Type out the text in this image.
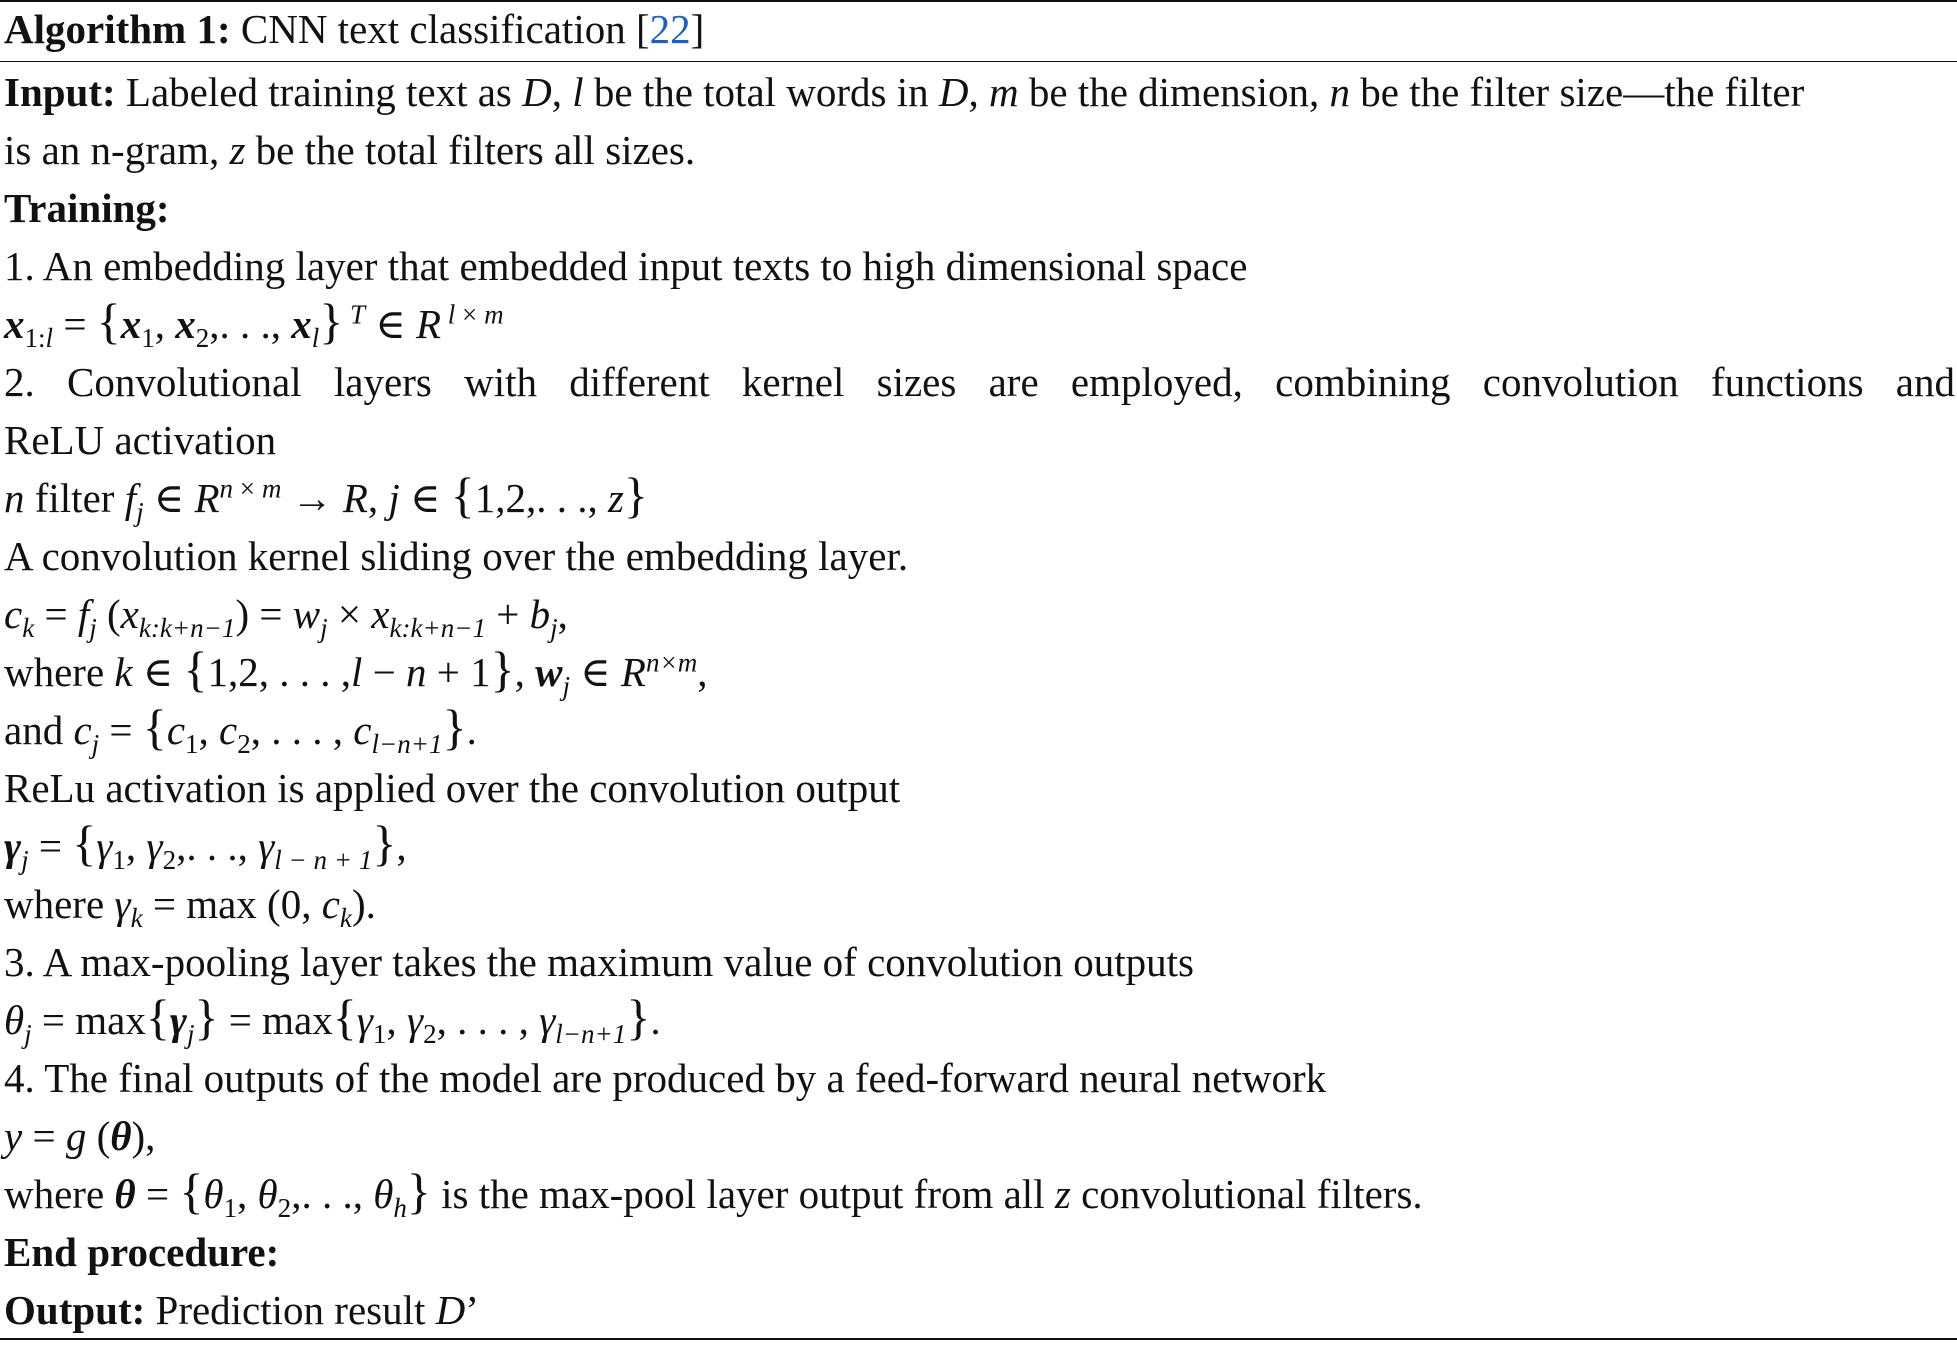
Algorithm 1: CNN text classification [22]
Input: Labeled training text as D, l be the total words in D, m be the dimension, n be the filter size—the filter
is an n-gram, z be the total filters all sizes.
Training:
1. An embedding layer that embedded input texts to high dimensional space
$x_{1:l} = \{x_1$, $x_2$,. . ., $x_l$} $^T$ ∈ R $^{l \times m}$
2. Convolutional layers with different kernel sizes are employed, combining convolution functions and
ReLU activation
n filter $f_j$ ∈ $R^{n \times m} \to R$, j ∈ {1,2,. . ., z}
A convolution kernel sliding over the embedding layer.
$c_k = f_j$ $(x_{k:k+n-1}) = w_j \times x_{k:k+n-1} + b_j$,
where k ∈ {1,2, . . . ,l − n + 1}, $w_j$ ∈ $R^{n\times m}$,
and $c_j = \{c_1$, $c_2$, . . . , $c_{l-n+1}$}.
ReLu activation is applied over the convolution output
$\gamma_j = \{\gamma_1$, $\gamma_2$,. . ., $\gamma_{l - n + 1}$},
where $\gamma_k = \max (0$, $c_k$).
3. A max-pooling layer takes the maximum value of convolution outputs
$\theta_j = \max\{\gamma_j\} = \max\{\gamma_1$, $\gamma_2$, . . . , $\gamma_{l-n+1}$}.
4. The final outputs of the model are produced by a feed-forward neural network
y = g (θ),
where $\theta = \{\theta_1$, $\theta_2$,. . ., $\theta_h$} is the max-pool layer output from all z convolutional filters.
End procedure:
Output: Prediction result D’
